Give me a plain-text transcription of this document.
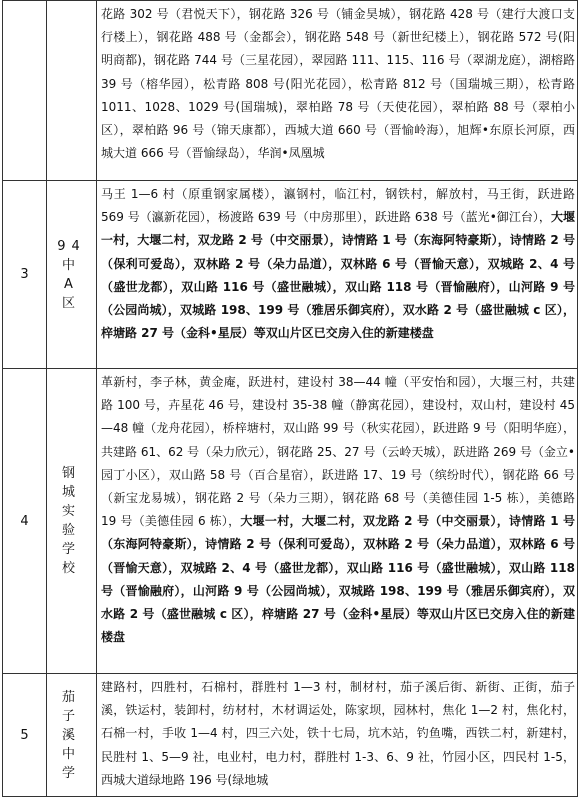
		花路 302 号（君悦天下），钢花路 326 号（铺金昊城），钢花路 428 号（建行大渡口支行楼上），钢花路 488 号（金都会），钢花路 548 号（新世纪楼上），钢花路 572 号(阳明商都)，钢花路 744 号（三星花园），翠园路 111、115、116 号（翠湖龙庭），湖榕路 39 号（榕华园），松青路 808 号(阳光花园），松青路 812 号（国瑞城三期），松青路 1011、1028、1029 号(国瑞城)，翠柏路 78 号（天使花园），翠柏路 88 号（翠柏小区），翠柏路 96 号（锦天康都），西城大道 660 号（晋愉岭海），旭辉•东原长河原，西城大道 666 号（晋愉绿岛），华润•凤凰城
3	94 中 A 区	马王 1—6 村（原重钢家属楼），瀛钢村，临江村，钢铁村，解放村，马王街，跃进路 569 号（瀛新花园），杨渡路 639 号（中房那里），跃进路 638 号（蓝光•御江台），大堰一村，大堰二村，双龙路 2 号（中交丽景），诗情路 1 号（东海阿特豪斯），诗情路 2 号（保利可爱岛），双林路 2 号（朵力品道），双林路 6 号（晋愉天意），双城路 2、4 号（盛世龙都），双山路 116 号（盛世融城），双山路 118 号（晋愉融府），山河路 9 号（公园尚城），双城路 198、199 号（雅居乐御宾府），双水路 2 号（盛世融城 c 区），梓塘路 27 号（金科•星辰）等双山片区已交房入住的新建楼盘
4	钢城实验学校	革新村，李子林，黄金庵，跃进村，建设村 38—44 幢（平安怡和园），大堰三村，共建路 100 号，卉星花 46 号，建设村 35-38 幢（静寓花园），建设村，双山村，建设村 45—48 幢（龙舟花园），桥梓塘村，双山路 99 号（秋实花园），跃进路 9 号（阳明华庭），共建路 61、62 号（朵力欣元），钢花路 25、27 号（云岭天城），跃进路 269 号（金立•园丁小区），双山路 58 号（百合星宿），跃进路 17、19 号（缤纷时代），钢花路 66 号（新宝龙易城），钢花路 2 号（朵力三期），钢花路 68 号（美德佳园 1-5 栋），美德路 19 号（美德佳园 6 栋），大堰一村，大堰二村，双龙路 2 号（中交丽景），诗情路 1 号（东海阿特豪斯），诗情路 2 号（保利可爱岛），双林路 2 号（朵力品道），双林路 6 号（晋愉天意），双城路 2、4 号（盛世龙都），双山路 116 号（盛世融城），双山路 118 号（晋愉融府），山河路 9 号（公园尚城），双城路 198、199 号（雅居乐御宾府），双水路 2 号（盛世融城 c 区），梓塘路 27 号（金科•星辰）等双山片区已交房入住的新建楼盘
5	茄子溪中学	建路村，四胜村，石棉村，群胜村 1—3 村，制材村，茄子溪后街、新街、正街，茄子溪，铁运村，装卸村，纺材村，木材调运处，陈家坝，园林村，焦化 1—2 村，焦化村，石棉一村，手收 1—4 村，四三六处，铁十七局，坑木站，钓鱼嘴，西铁二村，新建村，民胜村 1、5—9 社，电业村，电力村，群胜村 1-3、6、9 社，竹园小区，四民村 1-5，西城大道绿地路 196 号(绿地城
